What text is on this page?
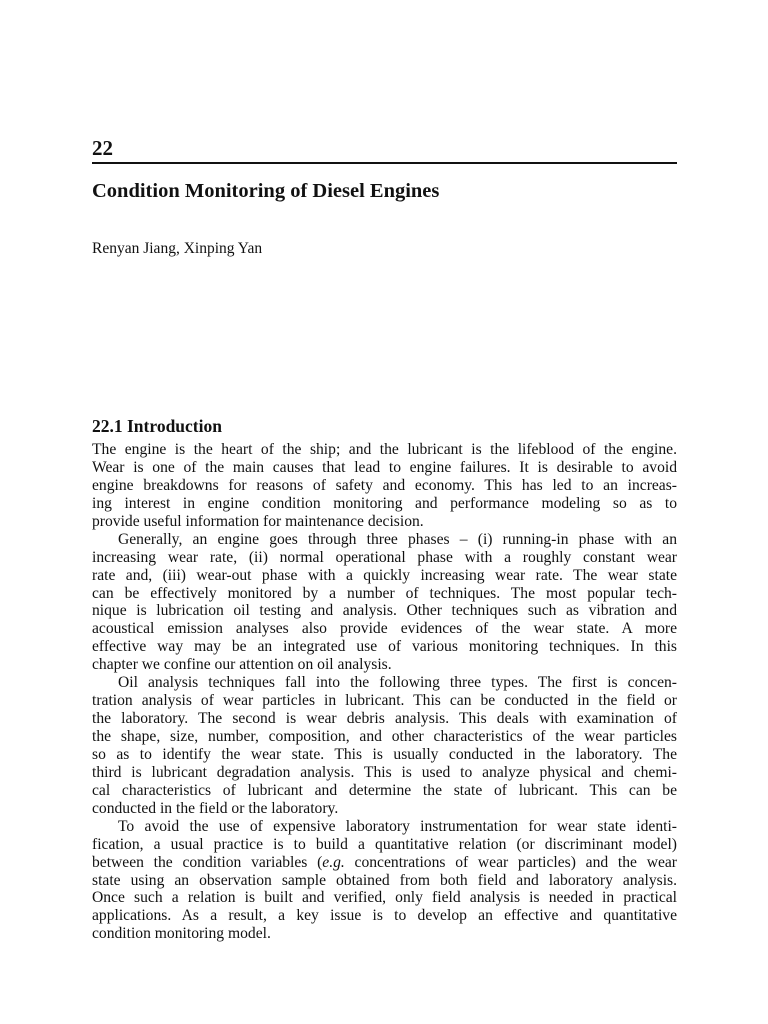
22
Condition Monitoring of Diesel Engines
Renyan Jiang, Xinping Yan
22.1 Introduction

The engine is the heart of the ship; and the lubricant is the lifeblood of the engine.
Wear is one of the main causes that lead to engine failures. It is desirable to avoid
engine breakdowns for reasons of safety and economy. This has led to an increas-
ing interest in engine condition monitoring and performance modeling so as to
provide useful information for maintenance decision.

Generally, an engine goes through three phases – (i) running-in phase with an
increasing wear rate, (ii) normal operational phase with a roughly constant wear
rate and, (iii) wear-out phase with a quickly increasing wear rate. The wear state
can be effectively monitored by a number of techniques. The most popular tech-
nique is lubrication oil testing and analysis. Other techniques such as vibration and
acoustical emission analyses also provide evidences of the wear state. A more
effective way may be an integrated use of various monitoring techniques. In this
chapter we confine our attention on oil analysis.

Oil analysis techniques fall into the following three types. The first is concen-
tration analysis of wear particles in lubricant. This can be conducted in the field or
the laboratory. The second is wear debris analysis. This deals with examination of
the shape, size, number, composition, and other characteristics of the wear particles
so as to identify the wear state. This is usually conducted in the laboratory. The
third is lubricant degradation analysis. This is used to analyze physical and chemi-
cal characteristics of lubricant and determine the state of lubricant. This can be
conducted in the field or the laboratory.

To avoid the use of expensive laboratory instrumentation for wear state identi-
fication, a usual practice is to build a quantitative relation (or discriminant model)
between the condition variables (e.g. concentrations of wear particles) and the wear
state using an observation sample obtained from both field and laboratory analysis.
Once such a relation is built and verified, only field analysis is needed in practical
applications. As a result, a key issue is to develop an effective and quantitative
condition monitoring model.
